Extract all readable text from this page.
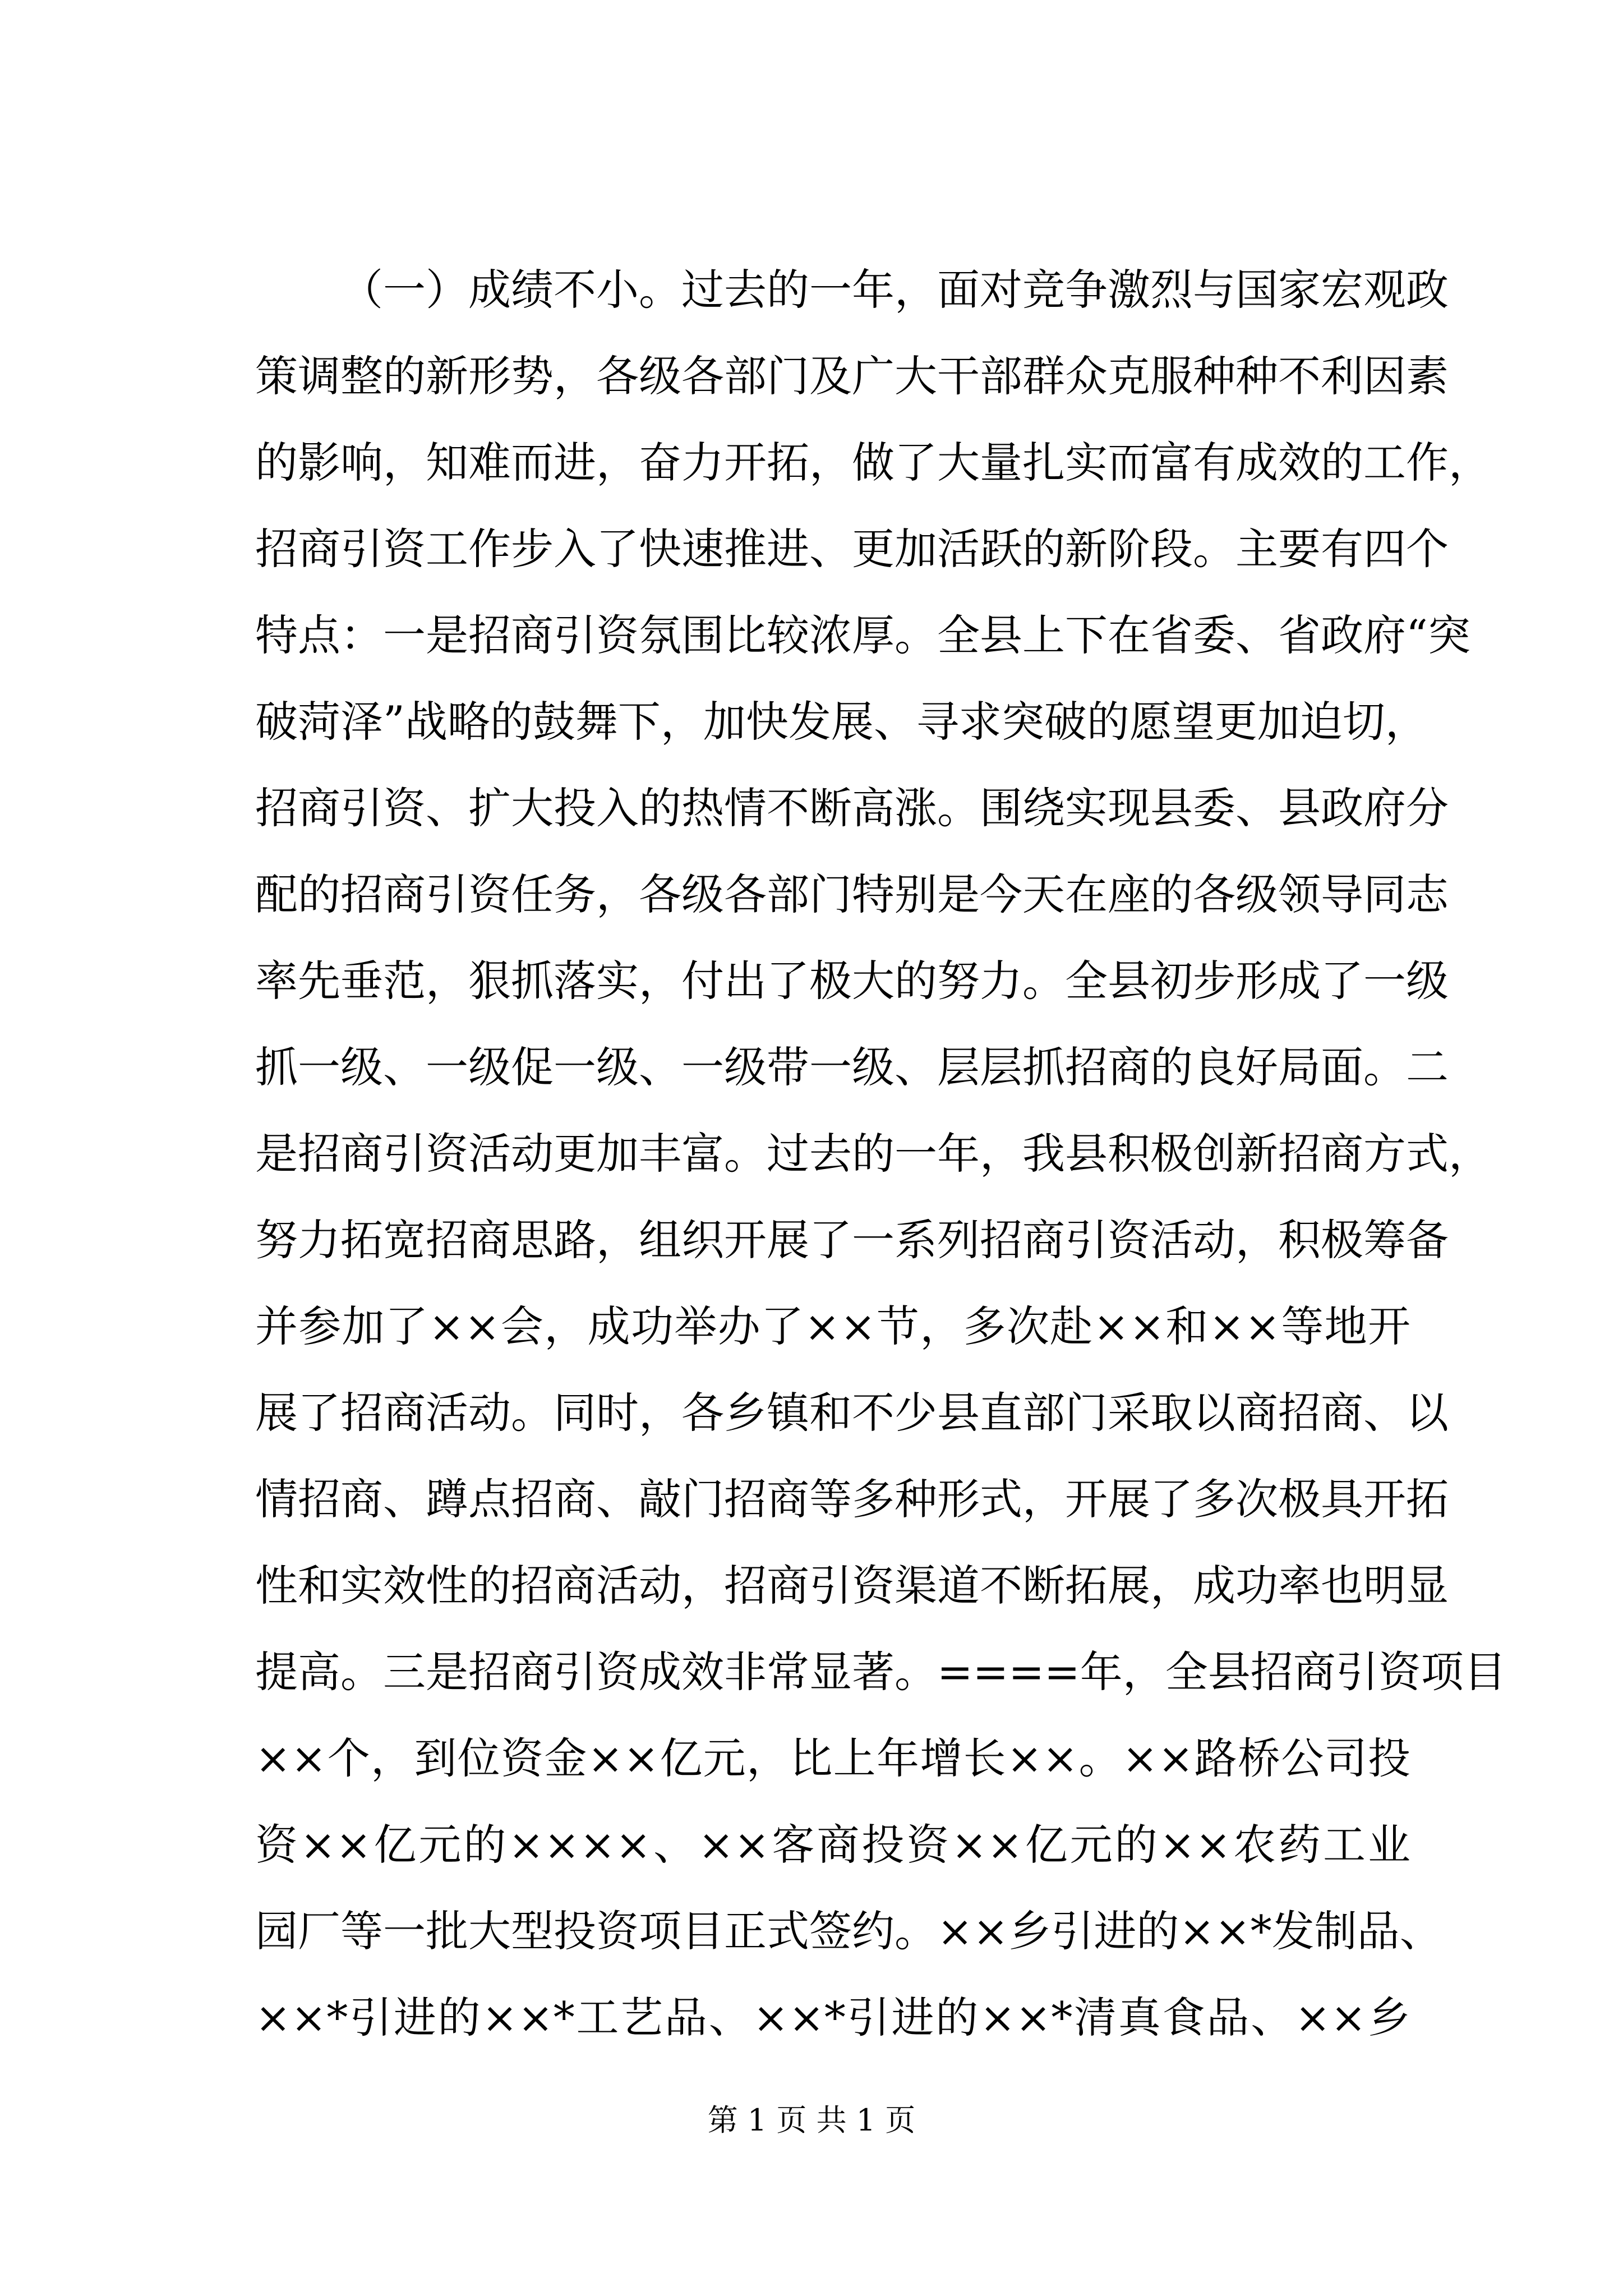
（一）成绩不小。过去的一年，面对竞争激烈与国家宏观政
策调整的新形势，各级各部门及广大干部群众克服种种不利因素
的影响，知难而进，奋力开拓，做了大量扎实而富有成效的工作，
招商引资工作步入了快速推进、更加活跃的新阶段。主要有四个
特点：一是招商引资氛围比较浓厚。全县上下在省委、省政府“突
破菏泽”战略的鼓舞下，加快发展、寻求突破的愿望更加迫切，
招商引资、扩大投入的热情不断高涨。围绕实现县委、县政府分
配的招商引资任务，各级各部门特别是今天在座的各级领导同志
率先垂范，狠抓落实，付出了极大的努力。全县初步形成了一级
抓一级、一级促一级、一级带一级、层层抓招商的良好局面。二
是招商引资活动更加丰富。过去的一年，我县积极创新招商方式，
努力拓宽招商思路，组织开展了一系列招商引资活动，积极筹备
并参加了××会，成功举办了××节，多次赴××和××等地开
展了招商活动。同时，各乡镇和不少县直部门采取以商招商、以
情招商、蹲点招商、敲门招商等多种形式，开展了多次极具开拓
性和实效性的招商活动，招商引资渠道不断拓展，成功率也明显
提高。三是招商引资成效非常显著。====年，全县招商引资项目
××个，到位资金××亿元，比上年增长××。××路桥公司投
资××亿元的××××、××客商投资××亿元的××农药工业
园厂等一批大型投资项目正式签约。××乡引进的××*发制品、
××*引进的××*工艺品、××*引进的××*清真食品、××乡
第 1 页 共 1 页
